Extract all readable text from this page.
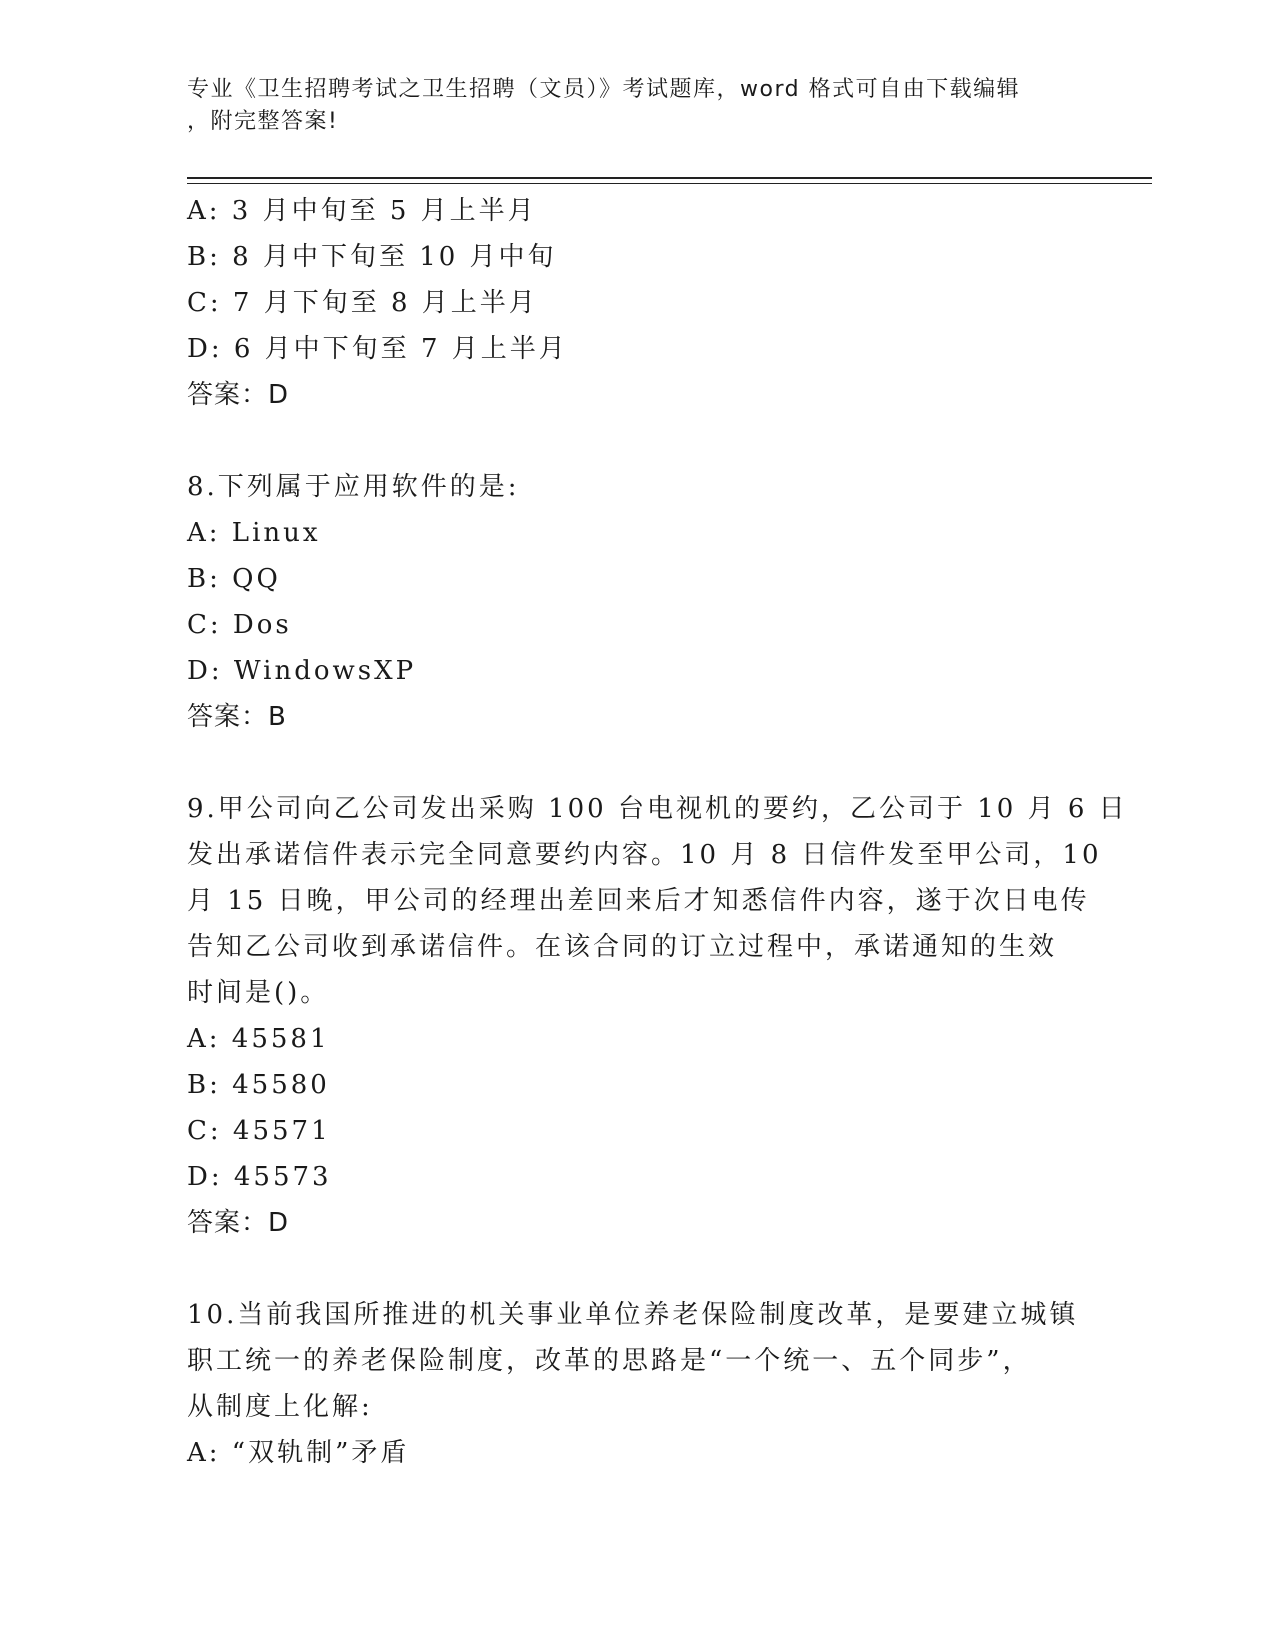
专业《卫生招聘考试之卫生招聘（文员）》考试题库，word 格式可自由下载编辑
，附完整答案!
A: 3 月中旬至 5 月上半月
B: 8 月中下旬至 10 月中旬
C: 7 月下旬至 8 月上半月
D: 6 月中下旬至 7 月上半月
答案：D
8.下列属于应用软件的是:
A: Linux
B: QQ
C: Dos
D: WindowsXP
答案：B
9.甲公司向乙公司发出采购 100 台电视机的要约，乙公司于 10 月 6 日
发出承诺信件表示完全同意要约内容。10 月 8 日信件发至甲公司，10
月 15 日晚，甲公司的经理出差回来后才知悉信件内容，遂于次日电传
告知乙公司收到承诺信件。在该合同的订立过程中，承诺通知的生效
时间是()。
A: 45581
B: 45580
C: 45571
D: 45573
答案：D
10.当前我国所推进的机关事业单位养老保险制度改革，是要建立城镇
职工统一的养老保险制度，改革的思路是“一个统一、五个同步”，
从制度上化解:
A: “双轨制”矛盾
